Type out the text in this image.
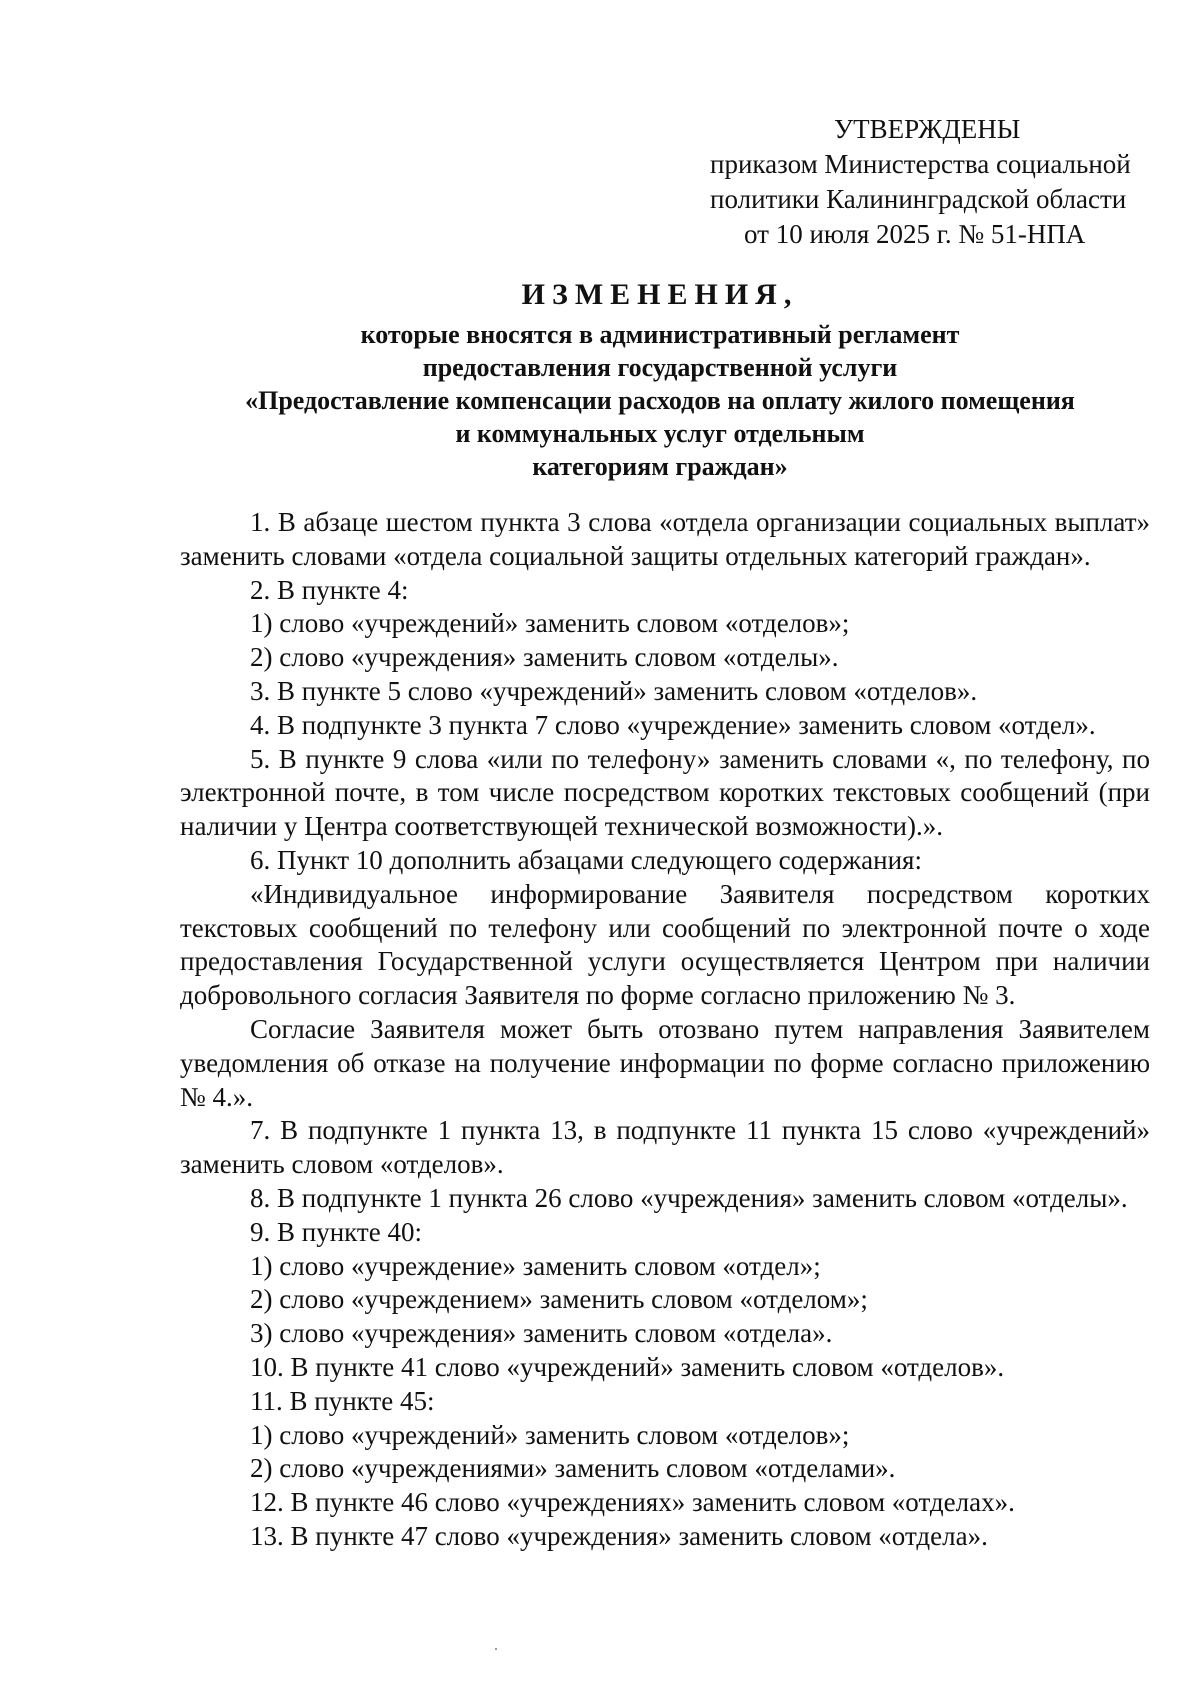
УТВЕРЖДЕНЫ
приказом Министерства социальной
политики Калининградской области
от 10 июля 2025 г. № 51-НПА
ИЗМЕНЕНИЯ,
которые вносятся в административный регламент
предоставления государственной услуги
«Предоставление компенсации расходов на оплату жилого помещения
и коммунальных услуг отдельным
категориям граждан»

1. В абзаце шестом пункта 3 слова «отдела организации социальных выплат» заменить словами «отдела социальной защиты отдельных категорий граждан».

2. В пункте 4:

1) слово «учреждений» заменить словом «отделов»;

2) слово «учреждения» заменить словом «отделы».

3. В пункте 5 слово «учреждений» заменить словом «отделов».

4. В подпункте 3 пункта 7 слово «учреждение» заменить словом «отдел».

5. В пункте 9 слова «или по телефону» заменить словами «, по телефону, по электронной почте, в том числе посредством коротких текстовых сообщений (при наличии у Центра соответствующей технической возможности).».

6. Пункт 10 дополнить абзацами следующего содержания:

«Индивидуальное информирование Заявителя посредством коротких текстовых сообщений по телефону или сообщений по электронной почте о ходе предоставления Государственной услуги осуществляется Центром при наличии добровольного согласия Заявителя по форме согласно приложению № 3.

Согласие Заявителя может быть отозвано путем направления Заявителем уведомления об отказе на получение информации по форме согласно приложению № 4.».

7. В подпункте 1 пункта 13, в подпункте 11 пункта 15 слово «учреждений» заменить словом «отделов».

8. В подпункте 1 пункта 26 слово «учреждения» заменить словом «отделы».

9. В пункте 40:

1) слово «учреждение» заменить словом «отдел»;

2) слово «учреждением» заменить словом «отделом»;

3) слово «учреждения» заменить словом «отдела».

10. В пункте 41 слово «учреждений» заменить словом «отделов».

11. В пункте 45:

1) слово «учреждений» заменить словом «отделов»;

2) слово «учреждениями» заменить словом «отделами».

12. В пункте 46 слово «учреждениях» заменить словом «отделах».

13. В пункте 47 слово «учреждения» заменить словом «отдела».
